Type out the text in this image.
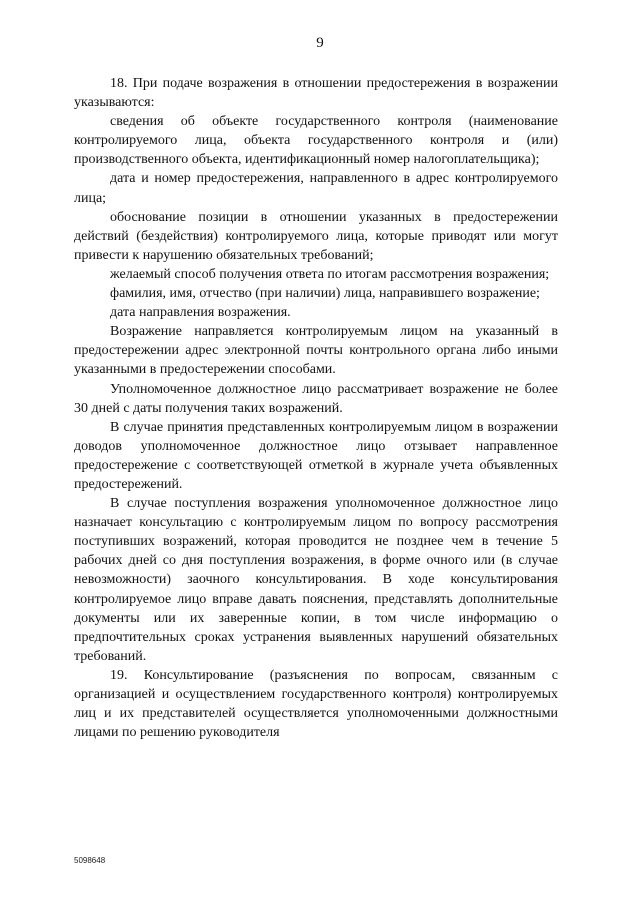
9

18. При подаче возражения в отношении предостережения в возражении указываются:

сведения об объекте государственного контроля (наименование контролируемого лица, объекта государственного контроля и (или) производственного объекта, идентификационный номер налогоплательщика);

дата и номер предостережения, направленного в адрес контролируемого лица;

обоснование позиции в отношении указанных в предостережении действий (бездействия) контролируемого лица, которые приводят или могут привести к нарушению обязательных требований;

желаемый способ получения ответа по итогам рассмотрения возражения;

фамилия, имя, отчество (при наличии) лица, направившего возражение;

дата направления возражения.

Возражение направляется контролируемым лицом на указанный в предостережении адрес электронной почты контрольного органа либо иными указанными в предостережении способами.

Уполномоченное должностное лицо рассматривает возражение не более 30 дней с даты получения таких возражений.

В случае принятия представленных контролируемым лицом в возражении доводов уполномоченное должностное лицо отзывает направленное предостережение с соответствующей отметкой в журнале учета объявленных предостережений.

В случае поступления возражения уполномоченное должностное лицо назначает консультацию с контролируемым лицом по вопросу рассмотрения поступивших возражений, которая проводится не позднее чем в течение 5 рабочих дней со дня поступления возражения, в форме очного или (в случае невозможности) заочного консультирования. В ходе консультирования контролируемое лицо вправе давать пояснения, представлять дополнительные документы или их заверенные копии, в том числе информацию о предпочтительных сроках устранения выявленных нарушений обязательных требований.

19. Консультирование (разъяснения по вопросам, связанным с организацией и осуществлением государственного контроля) контролируемых лиц и их представителей осуществляется уполномоченными должностными лицами по решению руководителя

5098648
